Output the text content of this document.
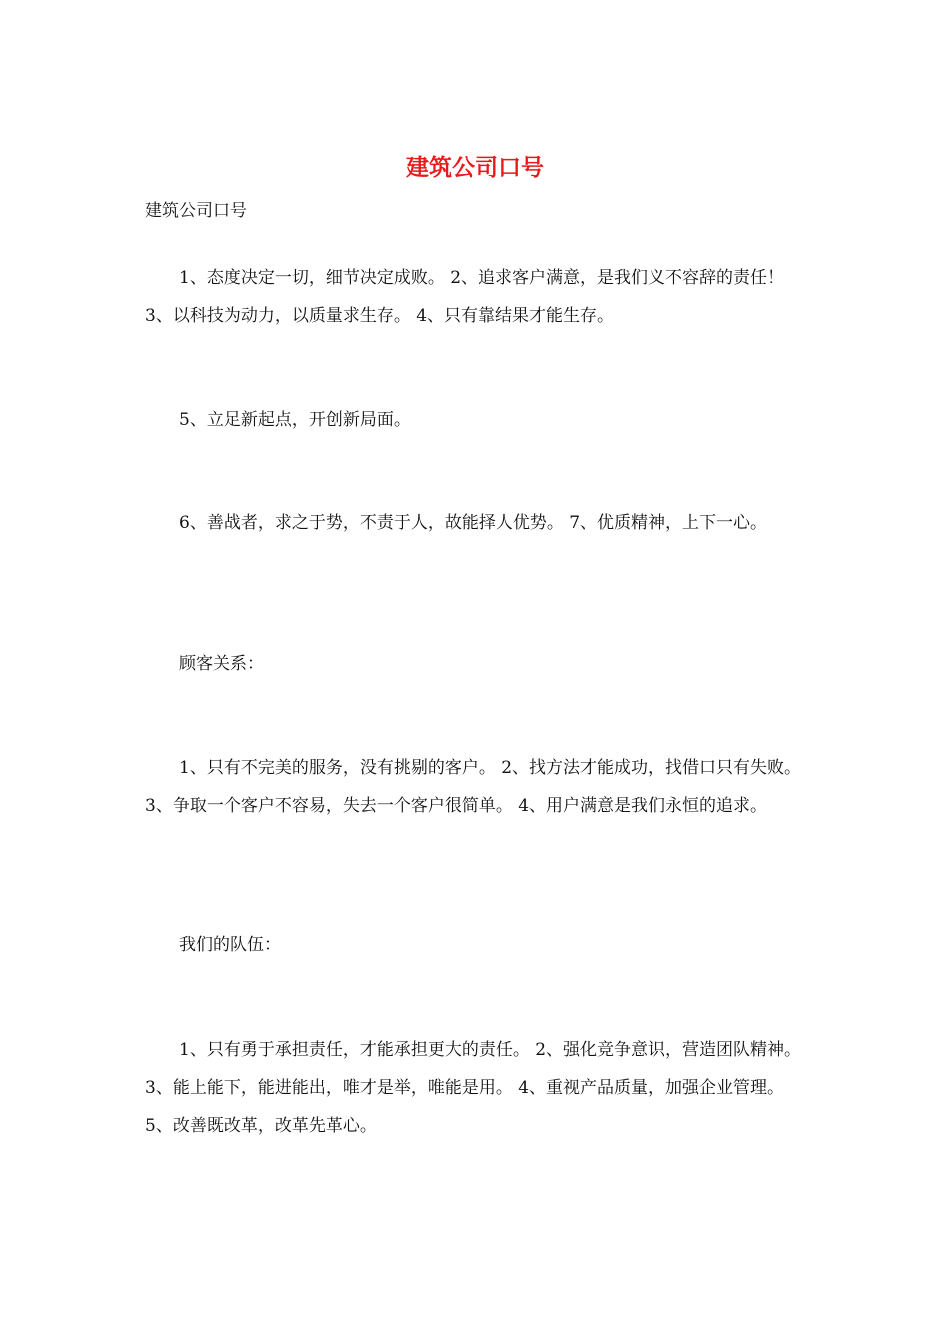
建筑公司口号

建筑公司口号

1、态度决定一切，细节决定成败。 2、追求客户满意，是我们义不容辞的责任！3、以科技为动力，以质量求生存。 4、只有靠结果才能生存。

5、立足新起点，开创新局面。

6、善战者，求之于势，不责于人，故能择人优势。 7、优质精神，上下一心。

顾客关系：

1、只有不完美的服务，没有挑剔的客户。 2、找方法才能成功，找借口只有失败。 3、争取一个客户不容易，失去一个客户很简单。 4、用户满意是我们永恒的追求。

我们的队伍：

1、只有勇于承担责任，才能承担更大的责任。 2、强化竞争意识，营造团队精神。 3、能上能下，能进能出，唯才是举，唯能是用。 4、重视产品质量，加强企业管理。 5、改善既改革，改革先革心。
